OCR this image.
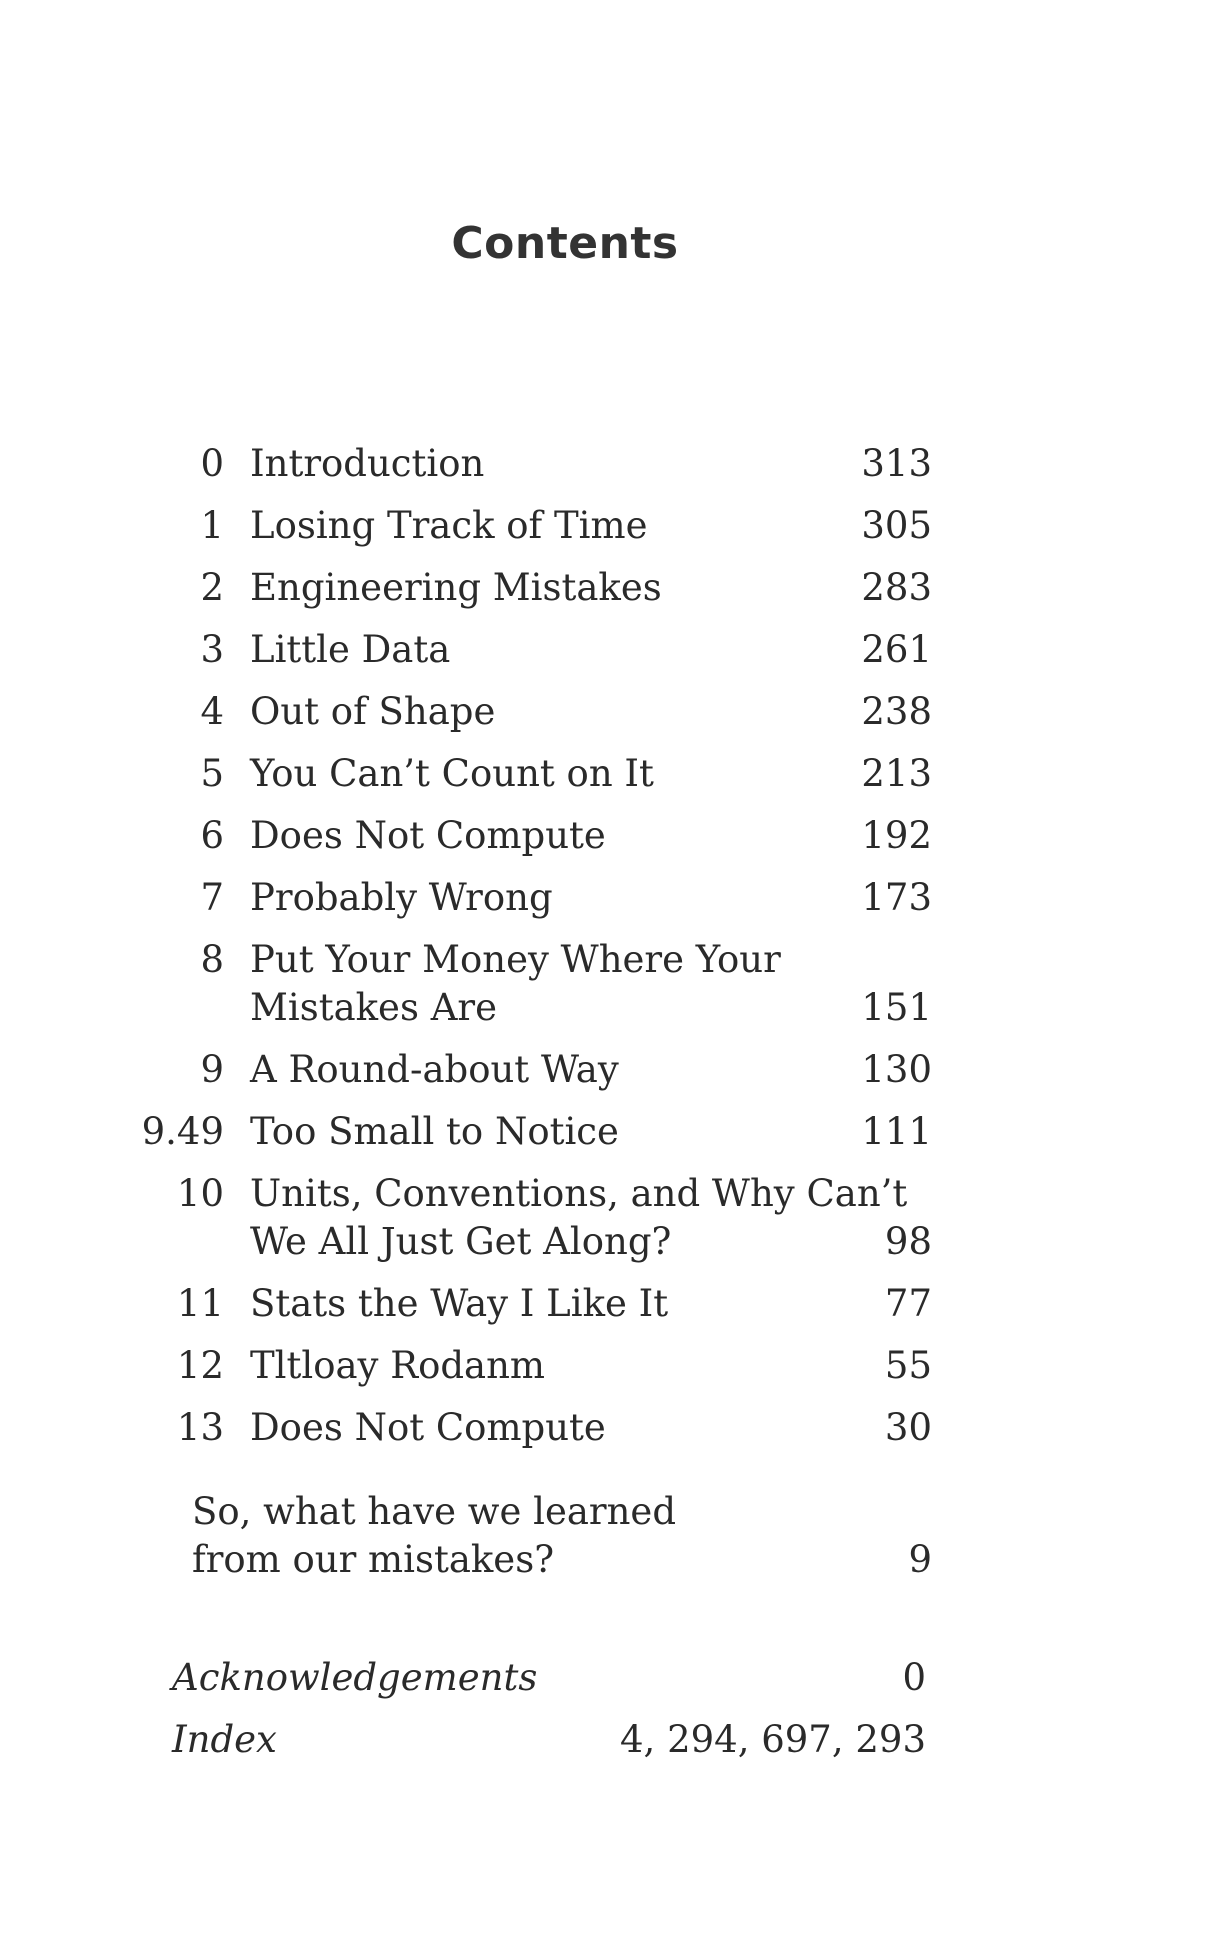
Contents
0 Introduction	313
1 Losing Track of Time	305
2 Engineering Mistakes	283
3 Little Data	261
4 Out of Shape	238
5 You Can’t Count on It	213
6 Does Not Compute	192
7 Probably Wrong	173
8 Put Your Money Where Your
Mistakes Are	151
9 A Round-about Way	130
9.49 Too Small to Notice	111
10 Units, Conventions, and Why Can’t
We All Just Get Along?	98
11 Stats the Way I Like It	77
12 Tltloay Rodanm	55
13 Does Not Compute	30
So, what have we learned
from our mistakes?	9
Acknowledgements	0
Index	4, 294, 697, 293
